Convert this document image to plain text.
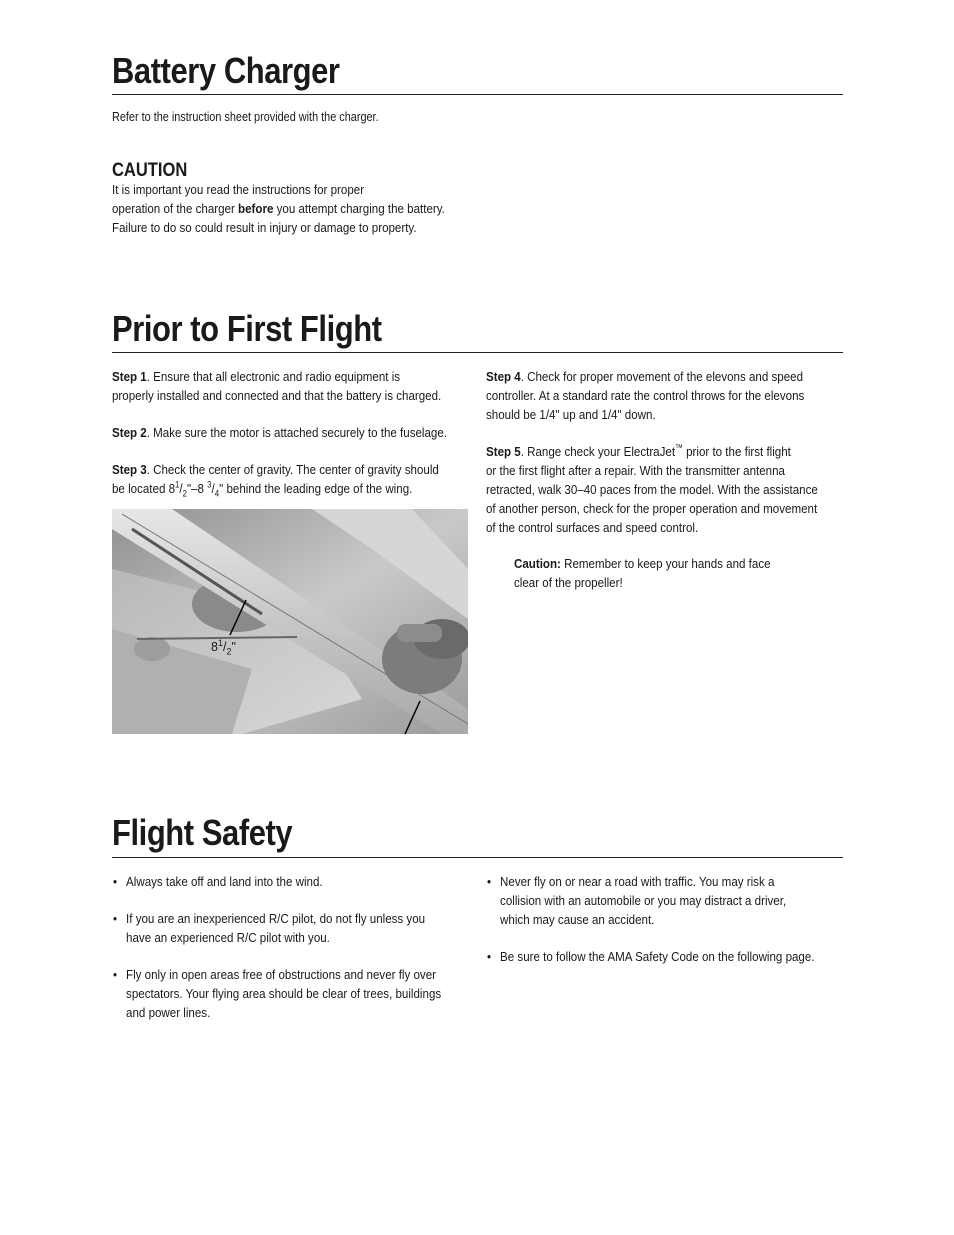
Battery Charger
Refer to the instruction sheet provided with the charger.
CAUTION
It is important you read the instructions for proper
operation of the charger before you attempt charging the battery.
Failure to do so could result in injury or damage to property.
Prior to First Flight
Step 1. Ensure that all electronic and radio equipment is
properly installed and connected and that the battery is charged.
Step 2. Make sure the motor is attached securely to the fuselage.
Step 3. Check the center of gravity. The center of gravity should
be located $8^1/_2"-8$ $^3/_4$" behind the leading edge of the wing.
$8^1/_2$"
Step 4. Check for proper movement of the elevons and speed
controller. At a standard rate the control throws for the elevons
should be 1/4" up and 1/4" down.
Step 5. Range check your ElectraJet™ prior to the first flight
or the first flight after a repair. With the transmitter antenna
retracted, walk 30–40 paces from the model. With the assistance
of another person, check for the proper operation and movement
of the control surfaces and speed control.
Caution: Remember to keep your hands and face
clear of the propeller!
Flight Safety
• Always take off and land into the wind.
• If you are an inexperienced R/C pilot, do not fly unless you
have an experienced R/C pilot with you.
• Fly only in open areas free of obstructions and never fly over
spectators. Your flying area should be clear of trees, buildings
and power lines.
• Never fly on or near a road with traffic. You may risk a
collision with an automobile or you may distract a driver,
which may cause an accident.
• Be sure to follow the AMA Safety Code on the following page.
